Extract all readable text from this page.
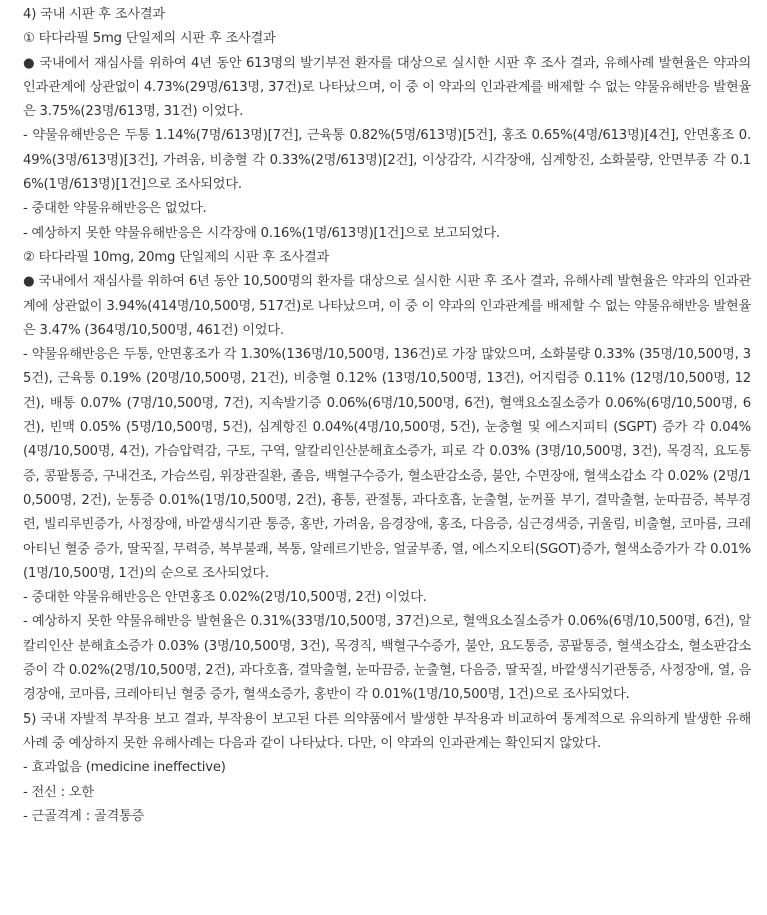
4) 국내 시판 후 조사결과

① 타다라필 5mg 단일제의 시판 후 조사결과

● 국내에서 재심사를 위하여 4년 동안 613명의 발기부전 환자를 대상으로 실시한 시판 후 조사 결과, 유해사례 발현율은 약과의 인과관계에 상관없이 4.73%(29명/613명, 37건)로 나타났으며, 이 중 이 약과의 인과관계를 배제할 수 없는 약물유해반응 발현율은 3.75%(23명/613명, 31건) 이었다.

- 약물유해반응은 두통 1.14%(7명/613명)[7건], 근육통 0.82%(5명/613명)[5건], 홍조 0.65%(4명/613명)[4건], 안면홍조 0.49%(3명/613명)[3건], 가려움, 비충혈 각 0.33%(2명/613명)[2건], 이상감각, 시각장애, 심계항진, 소화불량, 안면부종 각 0.16%(1명/613명)[1건]으로 조사되었다.

- 중대한 약물유해반응은 없었다.

- 예상하지 못한 약물유해반응은 시각장애 0.16%(1명/613명)[1건]으로 보고되었다.

② 타다라필 10mg, 20mg 단일제의 시판 후 조사결과

● 국내에서 재심사를 위하여 6년 동안 10,500명의 환자를 대상으로 실시한 시판 후 조사 결과, 유해사례 발현율은 약과의 인과관계에 상관없이 3.94%(414명/10,500명, 517건)로 나타났으며, 이 중 이 약과의 인과관계를 배제할 수 없는 약물유해반응 발현율은 3.47% (364명/10,500명, 461건) 이었다.

- 약물유해반응은 두통, 안면홍조가 각 1.30%(136명/10,500명, 136건)로 가장 많았으며, 소화불량 0.33% (35명/10,500명, 35건), 근육통 0.19% (20명/10,500명, 21건), 비충혈 0.12% (13명/10,500명, 13건), 어지럼증 0.11% (12명/10,500명, 12건), 배통 0.07% (7명/10,500명, 7건), 지속발기증 0.06%(6명/10,500명, 6건), 혈액요소질소증가 0.06%(6명/10,500명, 6건), 빈맥 0.05% (5명/10,500명, 5건), 심계항진 0.04%(4명/10,500명, 5건), 눈충혈 및 에스지피티 (SGPT) 증가 각 0.04% (4명/10,500명, 4건), 가슴압력감, 구토, 구역, 알칼리인산분해효소증가, 피로 각 0.03% (3명/10,500명, 3건), 목경직, 요도통증, 콩팥통증, 구내건조, 가슴쓰림, 위장관질환, 졸음, 백혈구수증가, 혈소판감소증, 불안, 수면장애, 혈색소감소 각 0.02% (2명/10,500명, 2건), 눈통증 0.01%(1명/10,500명, 2건), 흉통, 관절통, 과다호흡, 눈출혈, 눈꺼풀 부기, 결막출혈, 눈따끔증, 복부경련, 빌리루빈증가, 사정장애, 바깥생식기관 통증, 홍반, 가려움, 음경장애, 홍조, 다음증, 심근경색증, 귀울림, 비출혈, 코마름, 크레아티닌 혈중 증가, 딸꾹질, 무력증, 복부불쾌, 복통, 알레르기반응, 얼굴부종, 열, 에스지오티(SGOT)증가, 혈색소증가가 각 0.01% (1명/10,500명, 1건)의 순으로 조사되었다.

- 중대한 약물유해반응은 안면홍조 0.02%(2명/10,500명, 2건) 이었다.

- 예상하지 못한 약물유해반응 발현율은 0.31%(33명/10,500명, 37건)으로, 혈액요소질소증가 0.06%(6명/10,500명, 6건), 알칼리인산 분해효소증가 0.03% (3명/10,500명, 3건), 목경직, 백혈구수증가, 불안, 요도통증, 콩팥통증, 혈색소감소, 혈소판감소증이 각 0.02%(2명/10,500명, 2건), 과다호흡, 결막출혈, 눈따끔증, 눈출혈, 다음증, 딸꾹질, 바깥생식기관통증, 사정장애, 열, 음경장애, 코마름, 크레아티닌 혈중 증가, 혈색소증가, 홍반이 각 0.01%(1명/10,500명, 1건)으로 조사되었다.

5) 국내 자발적 부작용 보고 결과, 부작용이 보고된 다른 의약품에서 발생한 부작용과 비교하여 통계적으로 유의하게 발생한 유해사례 중 예상하지 못한 유해사례는 다음과 같이 나타났다. 다만, 이 약과의 인과관계는 확인되지 않았다.

- 효과없음 (medicine ineffective)

- 전신 : 오한

- 근골격계 : 골격통증
